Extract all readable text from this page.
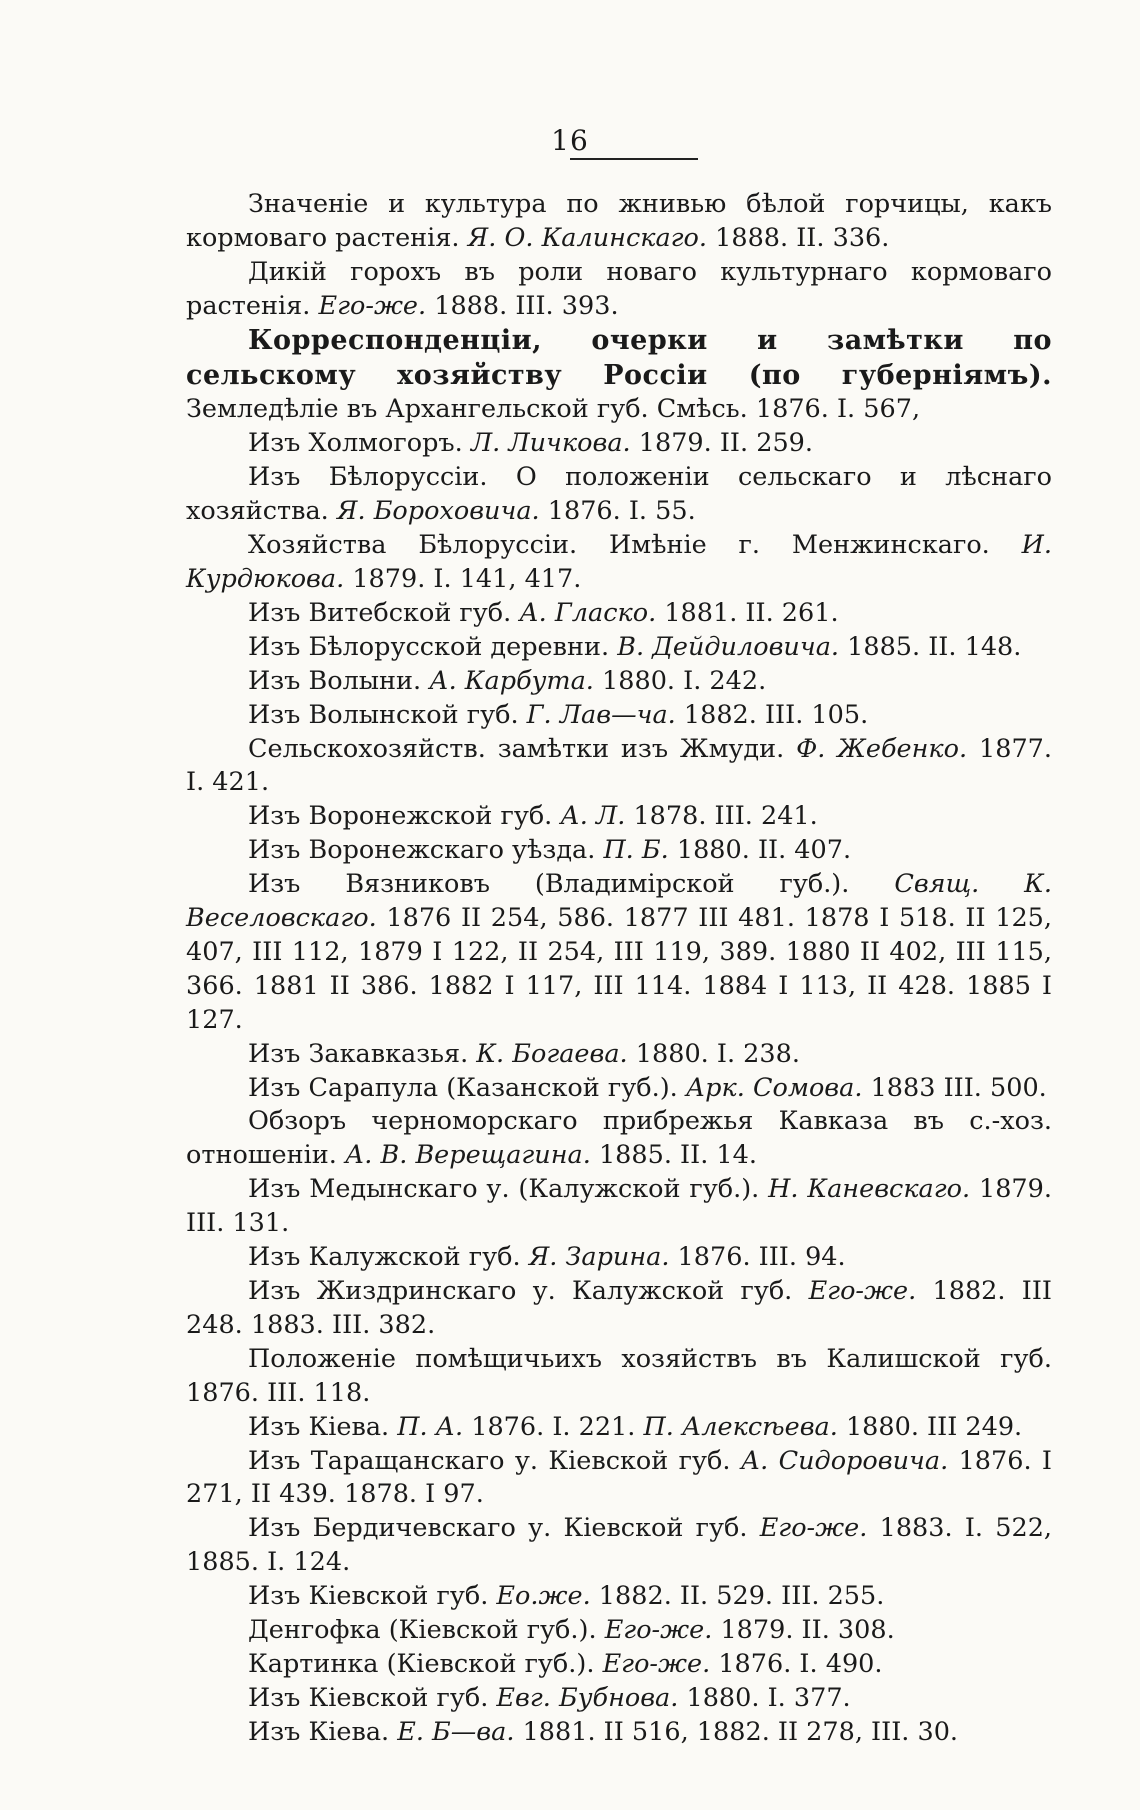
16

Значеніе и культура по жнивью бѣлой горчицы, какъ кормоваго растенія. Я. О. Калинскаго. 1888. II. 336.

Дикій горохъ въ роли новаго культурнаго кормоваго растенія. Его-же. 1888. III. 393.

Корреспонденціи, очерки и замѣтки по сельскому хозяйству Россіи (по губерніямъ). Земледѣліе въ Архангельской губ. Смѣсь. 1876. I. 567,

Изъ Холмогоръ. Л. Личкова. 1879. II. 259.

Изъ Бѣлоруссіи. О положеніи сельскаго и лѣснаго хозяйства. Я. Бороховича. 1876. I. 55.

Хозяйства Бѣлоруссіи. Имѣніе г. Менжинскаго. И. Курдюкова. 1879. I. 141, 417.

Изъ Витебской губ. А. Гласко. 1881. II. 261.

Изъ Бѣлорусской деревни. В. Дейдиловича. 1885. II. 148.

Изъ Волыни. А. Карбута. 1880. I. 242.

Изъ Волынской губ. Г. Лав—ча. 1882. III. 105.

Сельскохозяйств. замѣтки изъ Жмуди. Ф. Жебенко. 1877. I. 421.

Изъ Воронежской губ. А. Л. 1878. III. 241.

Изъ Воронежскаго уѣзда. П. Б. 1880. II. 407.

Изъ Вязниковъ (Владимірской губ.). Свящ. К. Веселовскаго. 1876 II 254, 586. 1877 III 481. 1878 I 518. II 125, 407, III 112, 1879 I 122, II 254, III 119, 389. 1880 II 402, III 115, 366. 1881 II 386. 1882 I 117, III 114. 1884 I 113, II 428. 1885 I 127.

Изъ Закавказья. К. Богаева. 1880. I. 238.

Изъ Сарапула (Казанской губ.). Арк. Сомова. 1883 III. 500.

Обзоръ черноморскаго прибрежья Кавказа въ с.-хоз. отношеніи. А. В. Верещагина. 1885. II. 14.

Изъ Медынскаго у. (Калужской губ.). Н. Каневскаго. 1879. III. 131.

Изъ Калужской губ. Я. Зарина. 1876. III. 94.

Изъ Жиздринскаго у. Калужской губ. Его-же. 1882. III 248. 1883. III. 382.

Положеніе помѣщичьихъ хозяйствъ въ Калишской губ. 1876. III. 118.

Изъ Кіева. П. А. 1876. I. 221. П. Алексѣева. 1880. III 249.

Изъ Таращанскаго у. Кіевской губ. А. Сидоровича. 1876. I 271, II 439. 1878. I 97.

Изъ Бердичевскаго у. Кіевской губ. Его-же. 1883. I. 522, 1885. I. 124.

Изъ Кіевской губ. Ео.же. 1882. II. 529. III. 255.

Денгофка (Кіевской губ.). Его-же. 1879. II. 308.

Картинка (Кіевской губ.). Его-же. 1876. I. 490.

Изъ Кіевской губ. Евг. Бубнова. 1880. I. 377.

Изъ Кіева. Е. Б—ва. 1881. II 516, 1882. II 278, III. 30.
